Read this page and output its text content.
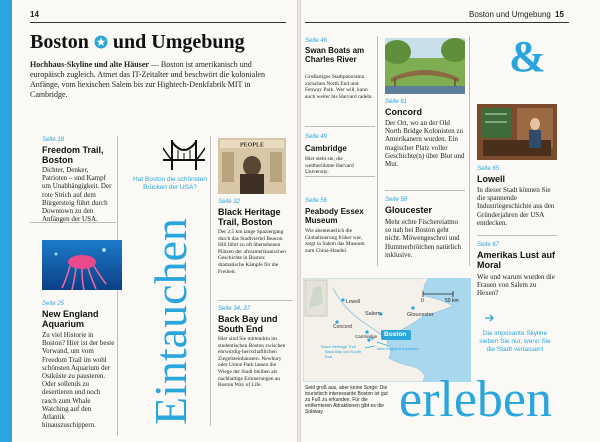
14
Boston und Umgebung
Hochhaus-Skyline und alte Häuser — Boston ist amerikanisch und europäisch zugleich. Atmet das IT-Zeitalter und beschwört die kolonialen Anfänge, vom hexischen Salem bis zur Hightech-Denkfabrik MIT in Cambridge.
Seite 18
Freedom Trail, Boston
Dichter, Denker, Patrioten – und Kampf um Unabhängigkeit. Der rote Strich auf dem Bürgersteig führt durch Downtown zu den Anfängen der USA.
Seite 25
New England Aquarium
Zu viel Historie in Boston? Hier ist der beste Vorwand, um vom Freedom Trail im wohl schönsten Aquarium der Ostküste zu pausieren. Oder sollends zu desertieren und noch rasch zum Whale Watching auf den Atlantik hinauszuschippern.
Hat Boston die schönsten Brücken der USA?
PEOPLE
Seite 32
Black Heritage Trail, Boston
Der 2,5 km lange Spaziergang durch das Stadtviertel Beacon Hill führt zu oft übersehenen Plätzen der afroamerikanischen Geschichte in Boston: dramatische Kämpfe für die Freiheit.
Seite 34, 37
Back Bay und South End
Hier sind Sie mittendrin im studentischen Boston zwischen ehrwürdig-herrschaftlichen Ziegelsteinhäusern. Newbury oder Union Park lassen die Wiege der Stadt bleiben als nachhaltige Erinnerungen an Boston Way of Life.
Eintauchen
Boston und Umgebung 15
Seite 46
Swan Boats am Charles River
Großartiges Stadtpanorama zwischen North End und Fenway Park. Wer will, kann auch weiter bis Harvard radeln.
Seite 49
Cambridge
Hier steht sie, die weltberühmte Harvard University.
Seite 56
Peabody Essex Museum
Wie abenteuerlich die Globalisierung früher war, zeigt in Salem das Museum zum China-Handel.
Seite 61
Concord
Der Ort, wo an der Old North Bridge Kolonisten zu Amerikanern wurden. Ein magischer Platz voller Geschichte(n) über Blut und Mut.
Seite 58
Gloucester
Mehr echte Fischereiatmo so nah bei Boston geht nicht. Möwengeschrei und Hummerbrötchen natürlich inklusive.
&
Seite 65
Lowell
In dieser Stadt können Sie die spannende Industriegeschichte aus den Gründerjahren der USA entdecken.
Seite 67
Amerikas Lust auf Moral
Wie und warum wurden die Frauen von Salem zu Hexen?
0	50 km
Lowell
Gloucester
Salem
Concord
Cambridge Boston
Black Heritage Trail
Back Bay und South End
New England Aquarium
Die imposante Skyline sieben Sie nur, wenn Sie die Stadt verlassen!
Seid groß aus, aber keine Sorge: Die touristisch interessante Boston ist gut zu Fuß zu erkunden. Für die entfernteren Attraktionen gibt es die Subway.	erleben
